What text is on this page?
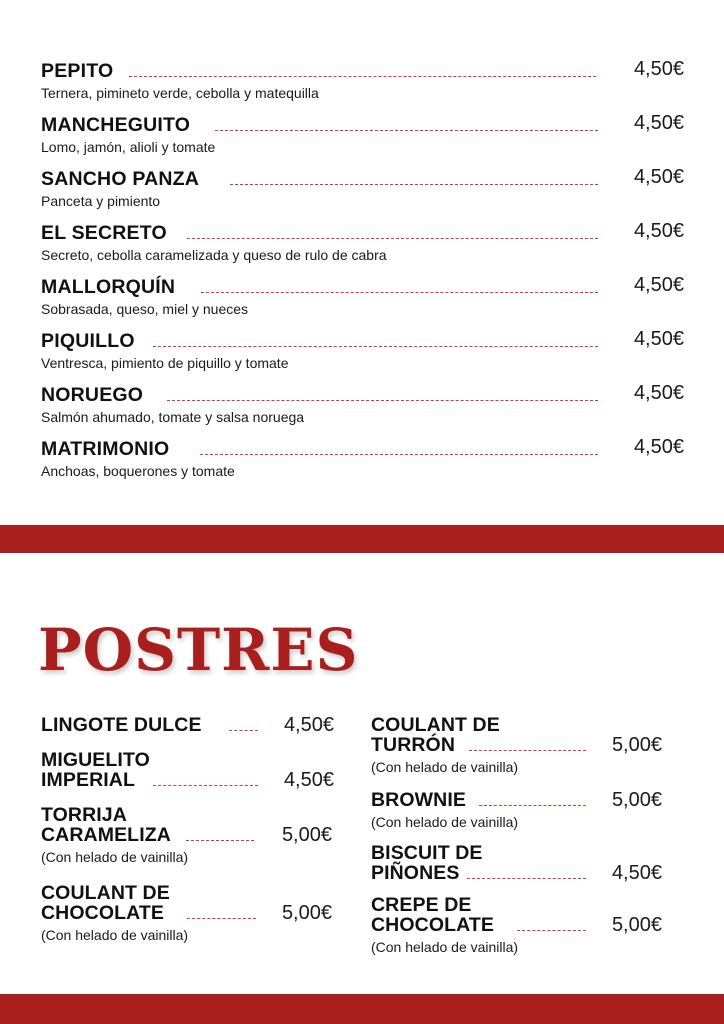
PEPITO	4,50€
Ternera, pimineto verde, cebolla y matequilla
MANCHEGUITO	4,50€
Lomo, jamón, alioli y tomate
SANCHO PANZA	4,50€
Panceta y pimiento
EL SECRETO	4,50€
Secreto, cebolla caramelizada y queso de rulo de cabra
MALLORQUÍN	4,50€
Sobrasada, queso, miel y nueces
PIQUILLO	4,50€
Ventresca, pimiento de piquillo y tomate
NORUEGO	4,50€
Salmón ahumado, tomate y salsa noruega
MATRIMONIO	4,50€
Anchoas, boquerones y tomate
POSTRES
LINGOTE DULCE	4,50€
MIGUELITO
IMPERIAL	4,50€
TORRIJA
CARAMELIZA	5,00€
(Con helado de vainilla)
COULANT DE
CHOCOLATE	5,00€
(Con helado de vainilla)
COULANT DE
TURRÓN	5,00€
(Con helado de vainilla)
BROWNIE	5,00€
(Con helado de vainilla)
BISCUIT DE
PIÑONES	4,50€
CREPE DE
CHOCOLATE	5,00€
(Con helado de vainilla)
